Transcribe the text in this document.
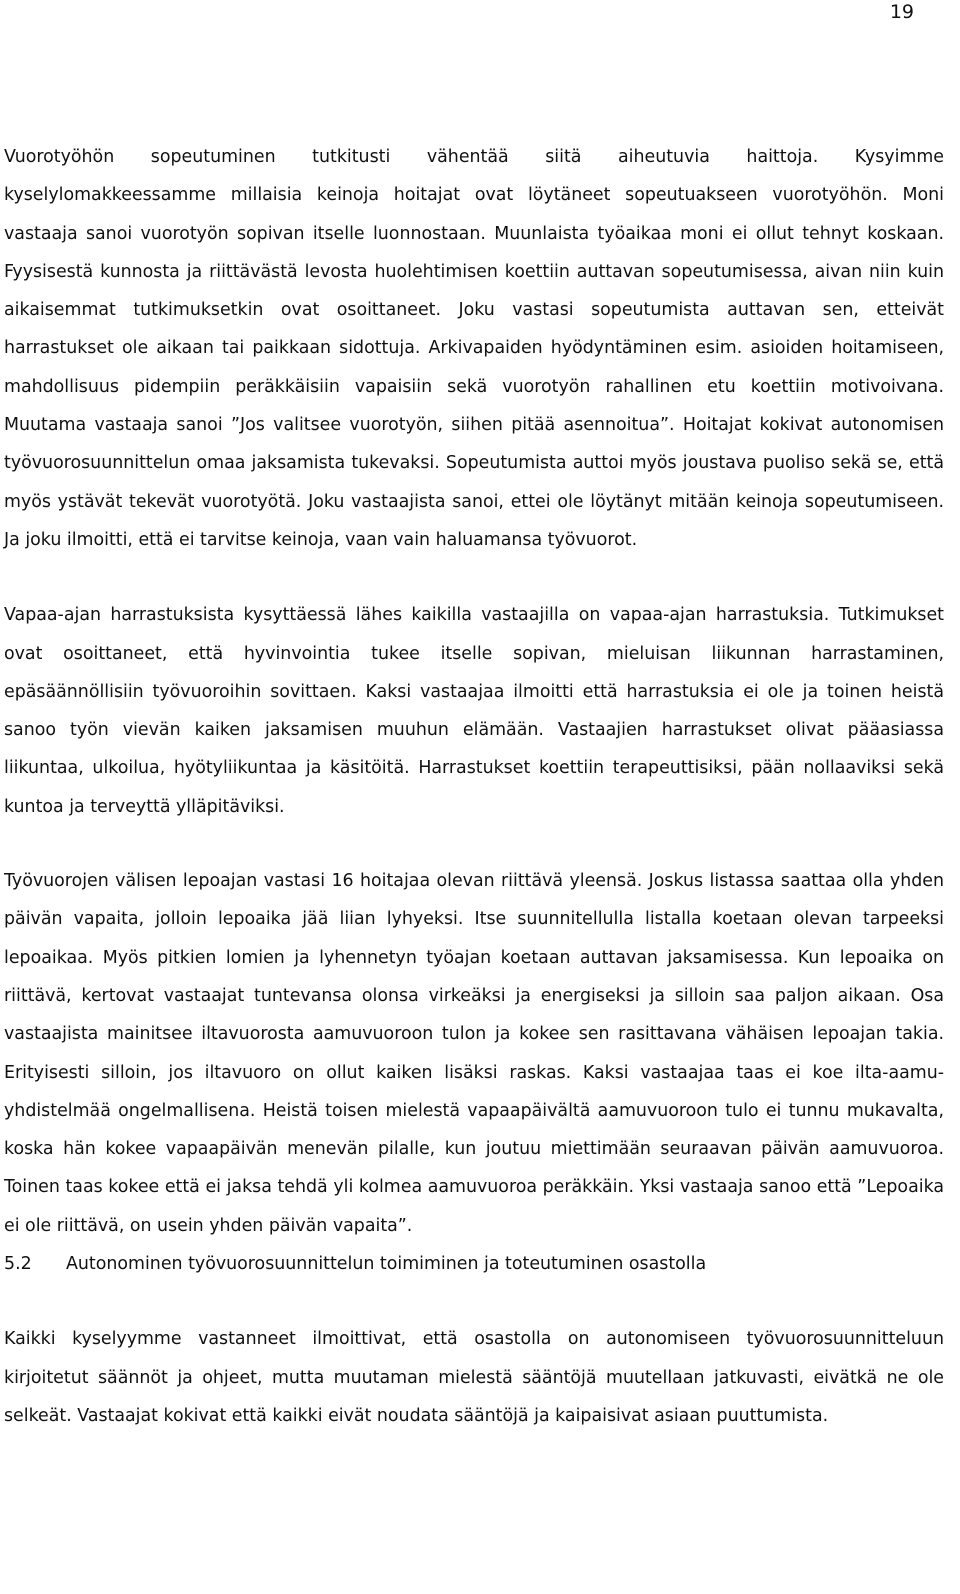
19

Vuorotyöhön sopeutuminen tutkitusti vähentää siitä aiheutuvia haittoja. Kysyimme kyselylomakkeessamme millaisia keinoja hoitajat ovat löytäneet sopeutuakseen vuorotyöhön. Moni vastaaja sanoi vuorotyön sopivan itselle luonnostaan. Muunlaista työaikaa moni ei ollut tehnyt koskaan. Fyysisestä kunnosta ja riittävästä levosta huolehtimisen koettiin auttavan sopeutumisessa, aivan niin kuin aikaisemmat tutkimuksetkin ovat osoittaneet. Joku vastasi sopeutumista auttavan sen, etteivät harrastukset ole aikaan tai paikkaan sidottuja. Arkivapaiden hyödyntäminen esim. asioiden hoitamiseen, mahdollisuus pidempiin peräkkäisiin vapaisiin sekä vuorotyön rahallinen etu koettiin motivoivana. Muutama vastaaja sanoi ”Jos valitsee vuorotyön, siihen pitää asennoitua”. Hoitajat kokivat autonomisen työvuorosuunnittelun omaa jaksamista tukevaksi. Sopeutumista auttoi myös joustava puoliso sekä se, että myös ystävät tekevät vuorotyötä. Joku vastaajista sanoi, ettei ole löytänyt mitään keinoja sopeutumiseen. Ja joku ilmoitti, että ei tarvitse keinoja, vaan vain haluamansa työvuorot.

Vapaa-ajan harrastuksista kysyttäessä lähes kaikilla vastaajilla on vapaa-ajan harrastuksia. Tutkimukset ovat osoittaneet, että hyvinvointia tukee itselle sopivan, mieluisan liikunnan harrastaminen, epäsäännöllisiin työvuoroihin sovittaen. Kaksi vastaajaa ilmoitti että harrastuksia ei ole ja toinen heistä sanoo työn vievän kaiken jaksamisen muuhun elämään. Vastaajien harrastukset olivat pääasiassa liikuntaa, ulkoilua, hyötyliikuntaa ja käsitöitä. Harrastukset koettiin terapeuttisiksi, pään nollaaviksi sekä kuntoa ja terveyttä ylläpitäviksi.

Työvuorojen välisen lepoajan vastasi 16 hoitajaa olevan riittävä yleensä. Joskus listassa saattaa olla yhden päivän vapaita, jolloin lepoaika jää liian lyhyeksi. Itse suunnitellulla listalla koetaan olevan tarpeeksi lepoaikaa. Myös pitkien lomien ja lyhennetyn työajan koetaan auttavan jaksamisessa. Kun lepoaika on riittävä, kertovat vastaajat tuntevansa olonsa virkeäksi ja energiseksi ja silloin saa paljon aikaan. Osa vastaajista mainitsee iltavuorosta aamuvuoroon tulon ja kokee sen rasittavana vähäisen lepoajan takia. Erityisesti silloin, jos iltavuoro on ollut kaiken lisäksi raskas. Kaksi vastaajaa taas ei koe ilta-aamu-yhdistelmää ongelmallisena. Heistä toisen mielestä vapaapäivältä aamuvuoroon tulo ei tunnu mukavalta, koska hän kokee vapaapäivän menevän pilalle, kun joutuu miettimään seuraavan päivän aamuvuoroa. Toinen taas kokee että ei jaksa tehdä yli kolmea aamuvuoroa peräkkäin. Yksi vastaaja sanoo että ”Lepoaika ei ole riittävä, on usein yhden päivän vapaita”.

5.2	Autonominen työvuorosuunnittelun toimiminen ja toteutuminen osastolla

Kaikki kyselyymme vastanneet ilmoittivat, että osastolla on autonomiseen työvuorosuunnitteluun kirjoitetut säännöt ja ohjeet, mutta muutaman mielestä sääntöjä muutellaan jatkuvasti, eivätkä ne ole selkeät. Vastaajat kokivat että kaikki eivät noudata sääntöjä ja kaipaisivat asiaan puuttumista.
